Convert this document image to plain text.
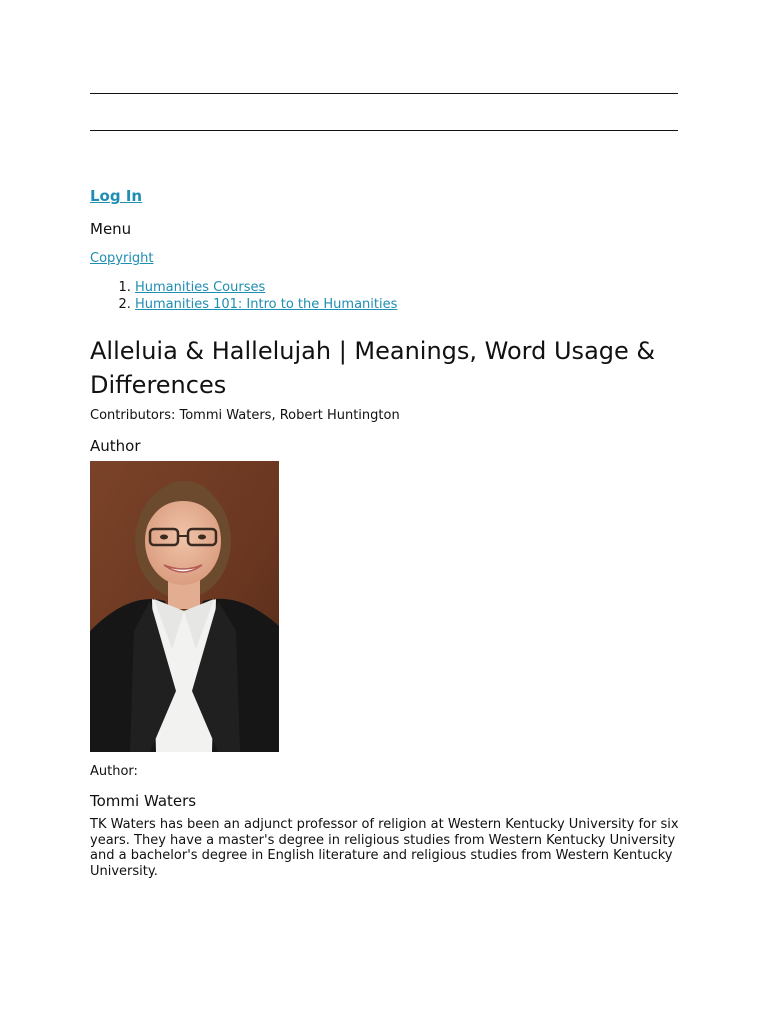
Log In
Menu
Copyright
1. Humanities Courses
2. Humanities 101: Intro to the Humanities
Alleluia & Hallelujah | Meanings, Word Usage & Differences
Contributors: Tommi Waters, Robert Huntington
Author
Author:
Tommi Waters

TK Waters has been an adjunct professor of religion at Western Kentucky University for six years. They have a master's degree in religious studies from Western Kentucky University and a bachelor's degree in English literature and religious studies from Western Kentucky University.
